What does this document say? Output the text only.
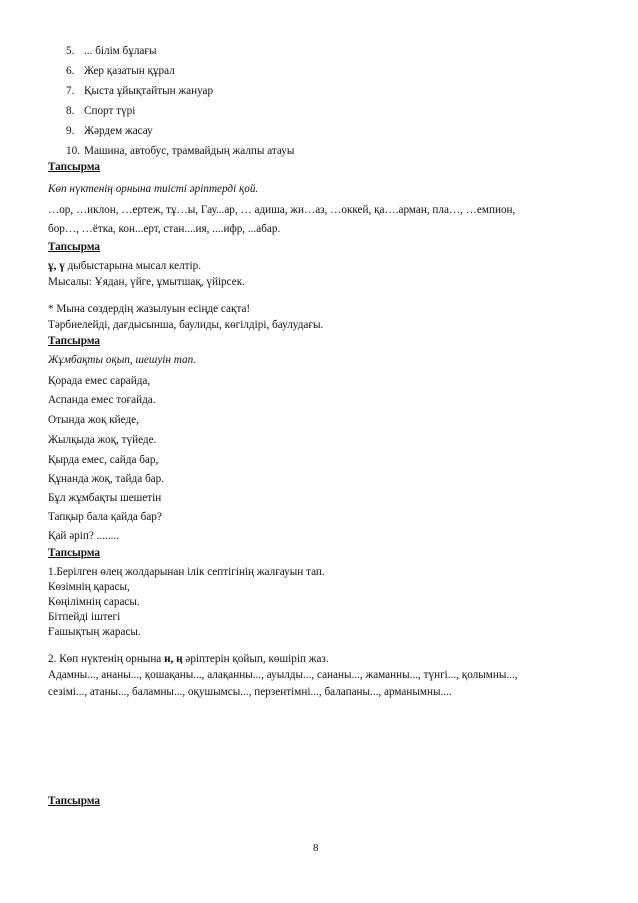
5. ... білім бұлағы
6. Жер қазатын құрал
7. Қыста ұйықтайтын жануар
8. Спорт түрі
9. Жәрдем жасау
10. Машина, автобус, трамвайдың жалпы атауы
Тапсырма
Көп нүктенің орнына тиісті әріптерді қой.
…ор, …иклон, …ертеж, тұ…ы, Гау...ар, … адиша, жи…аз, …оккей, қа….арман, пла…, …емпион,
бор…, …ётка, кон...ерт, стан....ия, ....ифр, ...абар.
Тапсырма
ұ, ү дыбыстарына мысал келтір.
Мысалы: Ұядан, үйге, ұмытшақ, үйірсек.
* Мына сөздердің жазылуын есіңде сақта!
Тәрбиелейді, дағдысынша, баулиды, көгілдірі, баулудағы.
Тапсырма
Жұмбақты оқып, шешуін тап.
Қорада емес сарайда,
Аспанда емес тоғайда.
Отында жоқ кйеде,
Жылқыда жоқ, түйеде.
Қырда емес, сайда бар,
Құнанда жоқ, тайда бар.
Бұл жұмбақты шешетін
Тапқыр бала қайда бар?
Қай әріп? ........
Тапсырма
1.Берілген өлең жолдарынан ілік септігінің жалғауын тап.
Көзімнің қарасы,
Көңілімнің сарасы.
Бітпейді іштегі
Ғашықтың жарасы.
2. Көп нүктенің орнына н, ң әріптерін қойып, көшіріп жаз.
Адамны..., ананы..., қошақаны..., алақанны..., ауылды..., сананы..., жаманны..., түнгі..., қолымны...,
сезімі..., атаны..., баламны..., оқушымсы..., перзентімні..., балапаны..., арманымны....
Тапсырма
8
